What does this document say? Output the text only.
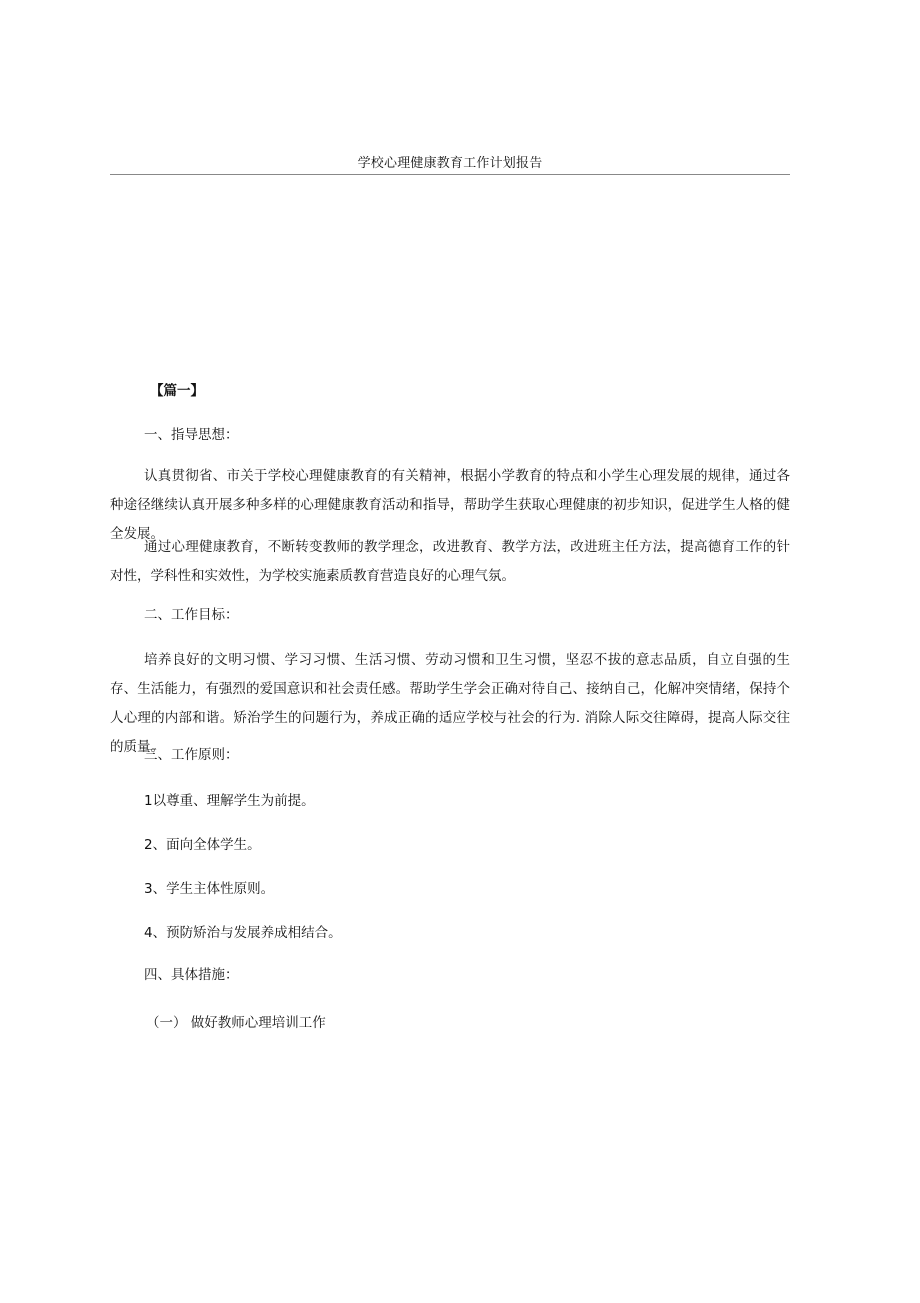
学校心理健康教育工作计划报告
【篇一】
一、指导思想：
认真贯彻省、市关于学校心理健康教育的有关精神，根据小学教育的特点和小学生心理发展的规律，通过各种途径继续认真开展多种多样的心理健康教育活动和指导，帮助学生获取心理健康的初步知识，促进学生人格的健全发展。
通过心理健康教育，不断转变教师的教学理念，改进教育、教学方法，改进班主任方法，提高德育工作的针对性，学科性和实效性，为学校实施素质教育营造良好的心理气氛。
二、工作目标：
培养良好的文明习惯、学习习惯、生活习惯、劳动习惯和卫生习惯，坚忍不拔的意志品质，自立自强的生存、生活能力，有强烈的爱国意识和社会责任感。帮助学生学会正确对待自己、接纳自己，化解冲突情绪，保持个人心理的内部和谐。矫治学生的问题行为，养成正确的适应学校与社会的行为. 消除人际交往障碍，提高人际交往的质量。
三、工作原则：
1以尊重、理解学生为前提。
2、面向全体学生。
3、学生主体性原则。
4、预防矫治与发展养成相结合。
四、具体措施：
（一） 做好教师心理培训工作
